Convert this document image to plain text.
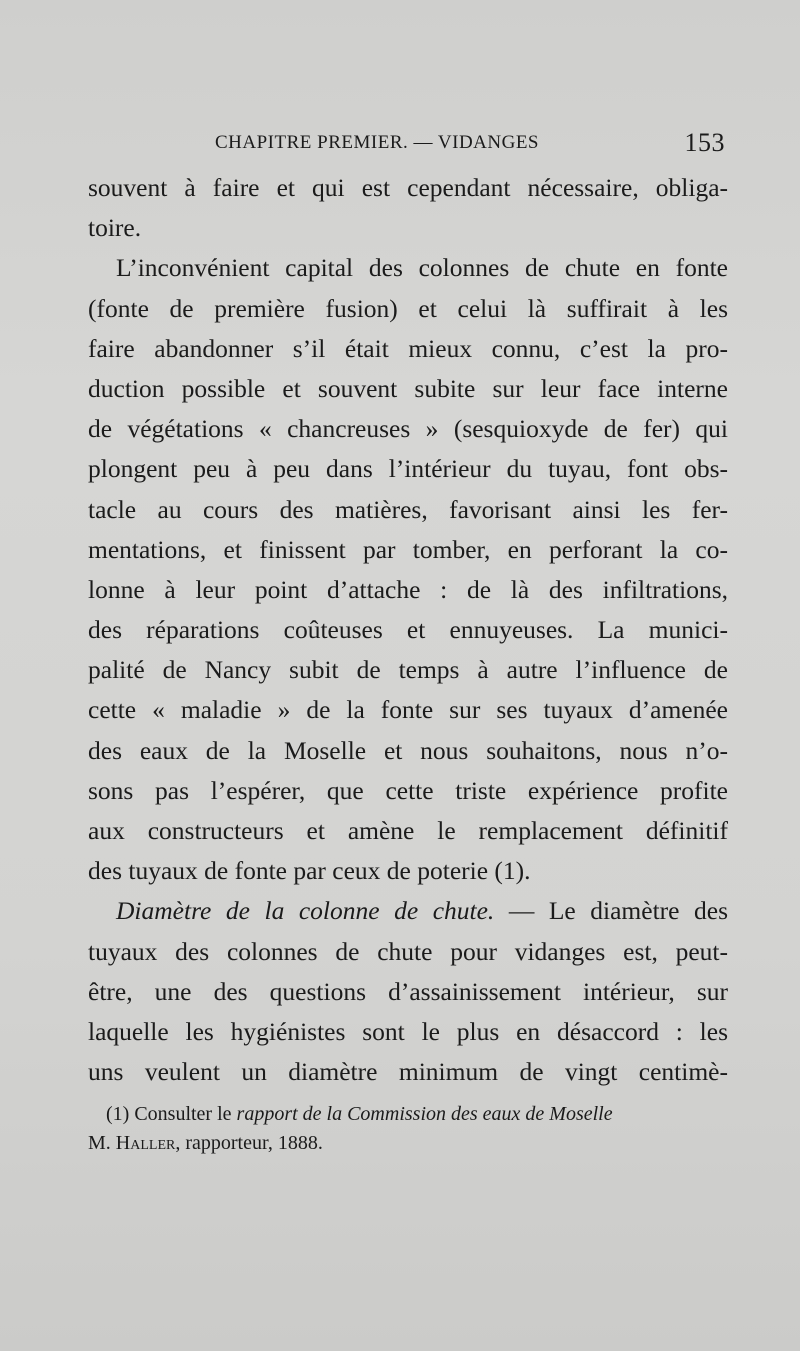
CHAPITRE PREMIER. — VIDANGES	153
souvent à faire et qui est cependant nécessaire, obliga-
toire.
L’inconvénient capital des colonnes de chute en fonte
(fonte de première fusion) et celui là suffirait à les
faire abandonner s’il était mieux connu, c’est la pro-
duction possible et souvent subite sur leur face interne
de végétations « chancreuses » (sesquioxyde de fer) qui
plongent peu à peu dans l’intérieur du tuyau, font obs-
tacle au cours des matières, favorisant ainsi les fer-
mentations, et finissent par tomber, en perforant la co-
lonne à leur point d’attache : de là des infiltrations,
des réparations coûteuses et ennuyeuses. La munici-
palité de Nancy subit de temps à autre l’influence de
cette « maladie » de la fonte sur ses tuyaux d’amenée
des eaux de la Moselle et nous souhaitons, nous n’o-
sons pas l’espérer, que cette triste expérience profite
aux constructeurs et amène le remplacement définitif
des tuyaux de fonte par ceux de poterie (1).
Diamètre de la colonne de chute. — Le diamètre des
tuyaux des colonnes de chute pour vidanges est, peut-
être, une des questions d’assainissement intérieur, sur
laquelle les hygiénistes sont le plus en désaccord : les
uns veulent un diamètre minimum de vingt centimè-
(1) Consulter le rapport de la Commission des eaux de Moselle
M. Haller, rapporteur, 1888.
